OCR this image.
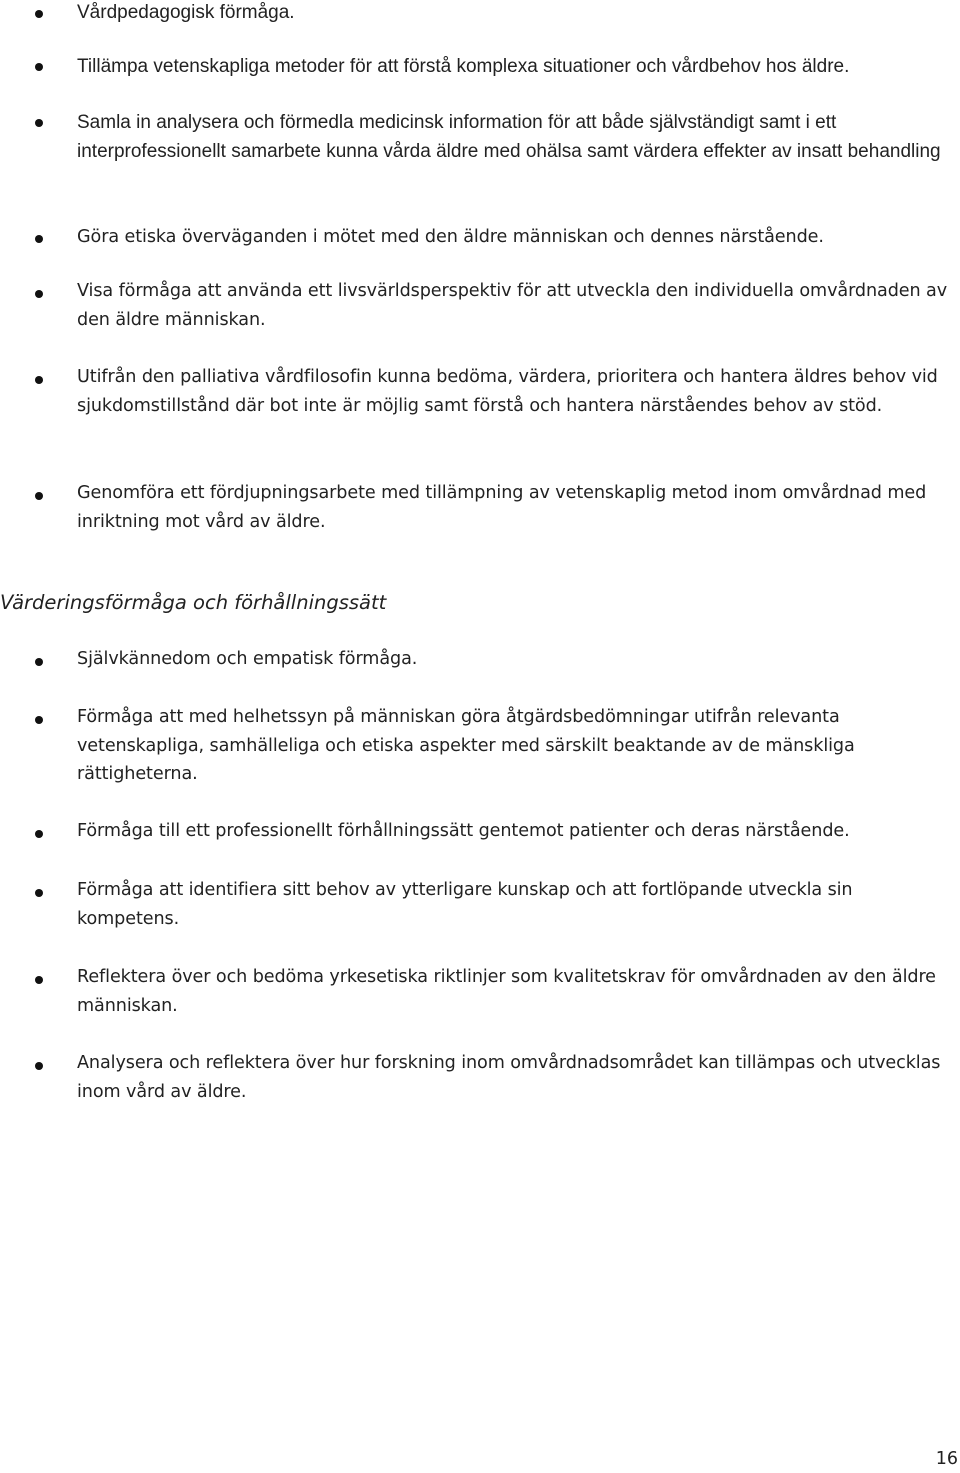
Vårdpedagogisk förmåga.
Tillämpa vetenskapliga metoder för att förstå komplexa situationer och vårdbehov hos äldre.
Samla in analysera och förmedla medicinsk information för att både självständigt samt i ett interprofessionellt samarbete kunna vårda äldre med ohälsa samt värdera effekter av insatt behandling
Göra etiska överväganden i mötet med den äldre människan och dennes närstående.
Visa förmåga att använda ett livsvärldsperspektiv för att utveckla den individuella omvårdnaden av den äldre människan.
Utifrån den palliativa vårdfilosofin kunna bedöma, värdera, prioritera och hantera äldres behov vid sjukdomstillstånd där bot inte är möjlig samt förstå och hantera närståendes behov av stöd.
Genomföra ett fördjupningsarbete med tillämpning av vetenskaplig metod inom omvårdnad med inriktning mot vård av äldre.
Värderingsförmåga och förhållningssätt
Självkännedom och empatisk förmåga.
Förmåga att med helhetssyn på människan göra åtgärdsbedömningar utifrån relevanta vetenskapliga, samhälleliga och etiska aspekter med särskilt beaktande av de mänskliga rättigheterna.
Förmåga till ett professionellt förhållningssätt gentemot patienter och deras närstående.
Förmåga att identifiera sitt behov av ytterligare kunskap och att fortlöpande utveckla sin kompetens.
Reflektera över och bedöma yrkesetiska riktlinjer som kvalitetskrav för omvårdnaden av den äldre människan.
Analysera och reflektera över hur forskning inom omvårdnadsområdet kan tillämpas och utvecklas inom vård av äldre.
16
